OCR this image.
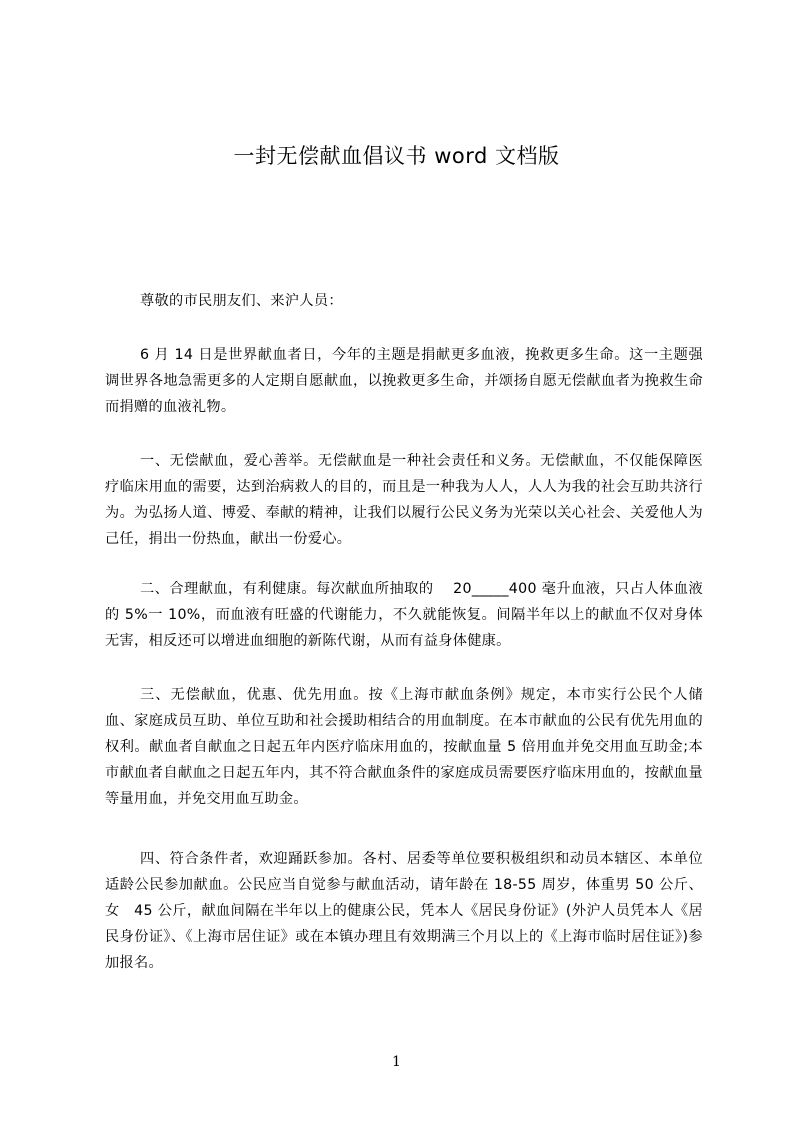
一封无偿献血倡议书 word 文档版

尊敬的市民朋友们、来沪人员：

6 月 14 日是世界献血者日，今年的主题是捐献更多血液，挽救更多生命。这一主题强调世界各地急需更多的人定期自愿献血，以挽救更多生命，并颂扬自愿无偿献血者为挽救生命而捐赠的血液礼物。

一、无偿献血，爱心善举。无偿献血是一种社会责任和义务。无偿献血，不仅能保障医疗临床用血的需要，达到治病救人的目的，而且是一种我为人人，人人为我的社会互助共济行为。为弘扬人道、博爱、奉献的精神，让我们以履行公民义务为光荣以关心社会、关爱他人为己任，捐出一份热血，献出一份爱心。

二、合理献血，有利健康。每次献血所抽取的　 20_____400 毫升血液，只占人体血液的 5%一 10%，而血液有旺盛的代谢能力，不久就能恢复。间隔半年以上的献血不仅对身体无害，相反还可以增进血细胞的新陈代谢，从而有益身体健康。

三、无偿献血，优惠、优先用血。按《上海市献血条例》规定，本市实行公民个人储血、家庭成员互助、单位互助和社会援助相结合的用血制度。在本市献血的公民有优先用血的权利。献血者自献血之日起五年内医疗临床用血的，按献血量 5 倍用血并免交用血互助金;本市献血者自献血之日起五年内，其不符合献血条件的家庭成员需要医疗临床用血的，按献血量等量用血，并免交用血互助金。

四、符合条件者，欢迎踊跃参加。各村、居委等单位要积极组织和动员本辖区、本单位适龄公民参加献血。公民应当自觉参与献血活动，请年龄在 18-55 周岁，体重男 50 公斤、女　45 公斤，献血间隔在半年以上的健康公民，凭本人《居民身份证》(外沪人员凭本人《居民身份证》、《上海市居住证》或在本镇办理且有效期满三个月以上的《上海市临时居住证》)参加报名。

1
